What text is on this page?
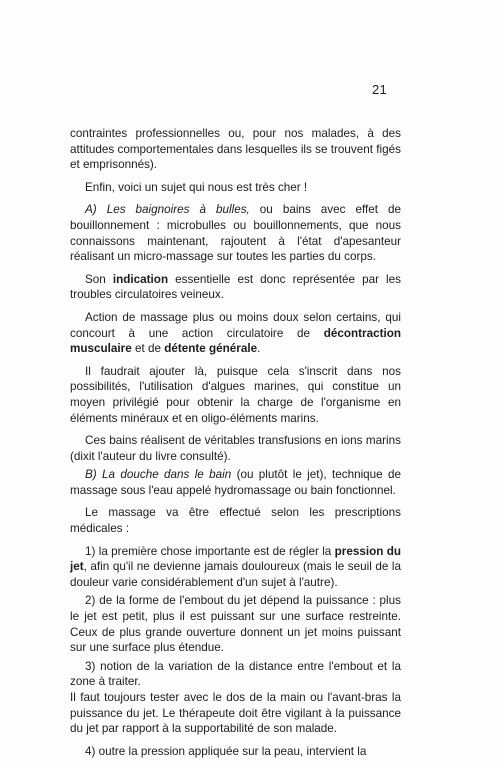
21

contraintes professionnelles ou, pour nos malades, à des attitudes comportementales dans lesquelles ils se trouvent figés et emprisonnés).

Enfin, voici un sujet qui nous est très cher !

A) Les baignoires à bulles, ou bains avec effet de bouillonnement : microbulles ou bouillonnements, que nous connaissons maintenant, rajoutent à l'état d'apesanteur réalisant un micro-massage sur toutes les parties du corps.

Son indication essentielle est donc représentée par les troubles circulatoires veineux.

Action de massage plus ou moins doux selon certains, qui concourt à une action circulatoire de décontraction musculaire et de détente générale.

Il faudrait ajouter là, puisque cela s'inscrit dans nos possibilités, l'utilisation d'algues marines, qui constitue un moyen privilégié pour obtenir la charge de l'organisme en éléments minéraux et en oligo-éléments marins.

Ces bains réalisent de véritables transfusions en ions marins (dixit l'auteur du livre consulté).

B) La douche dans le bain (ou plutôt le jet), technique de massage sous l'eau appelé hydromassage ou bain fonctionnel.

Le massage va être effectué selon les prescriptions médicales :

1) la première chose importante est de régler la pression du jet, afin qu'il ne devienne jamais douloureux (mais le seuil de la douleur varie considérablement d'un sujet à l'autre).

2) de la forme de l'embout du jet dépend la puissance : plus le jet est petit, plus il est puissant sur une surface restreinte. Ceux de plus grande ouverture donnent un jet moins puissant sur une surface plus étendue.

3) notion de la variation de la distance entre l'embout et la zone à traiter.

Il faut toujours tester avec le dos de la main ou l'avant-bras la puissance du jet. Le thérapeute doit être vigilant à la puissance du jet par rapport à la supportabilité de son malade.

4) outre la pression appliquée sur la peau, intervient la
